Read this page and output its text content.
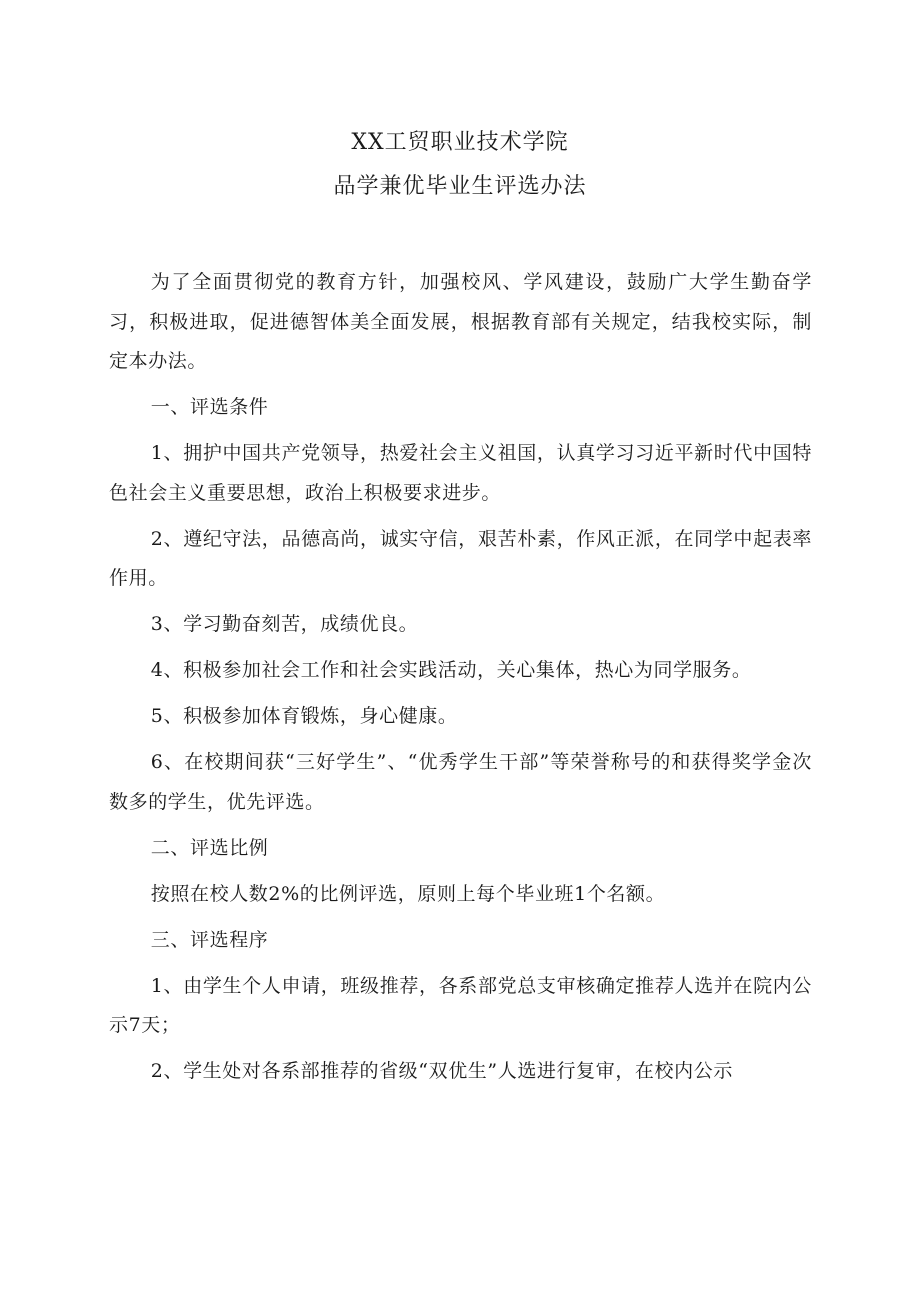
XX工贸职业技术学院
品学兼优毕业生评选办法

为了全面贯彻党的教育方针，加强校风、学风建设，鼓励广大学生勤奋学习，积极进取，促进德智体美全面发展，根据教育部有关规定，结我校实际，制定本办法。

一、评选条件

1、拥护中国共产党领导，热爱社会主义祖国，认真学习习近平新时代中国特色社会主义重要思想，政治上积极要求进步。

2、遵纪守法，品德高尚，诚实守信，艰苦朴素，作风正派，在同学中起表率作用。

3、学习勤奋刻苦，成绩优良。

4、积极参加社会工作和社会实践活动，关心集体，热心为同学服务。

5、积极参加体育锻炼，身心健康。

6、在校期间获“三好学生”、“优秀学生干部”等荣誉称号的和获得奖学金次数多的学生，优先评选。

二、评选比例

按照在校人数2%的比例评选，原则上每个毕业班1个名额。

三、评选程序

1、由学生个人申请，班级推荐，各系部党总支审核确定推荐人选并在院内公示7天；

2、学生处对各系部推荐的省级“双优生”人选进行复审，在校内公示
